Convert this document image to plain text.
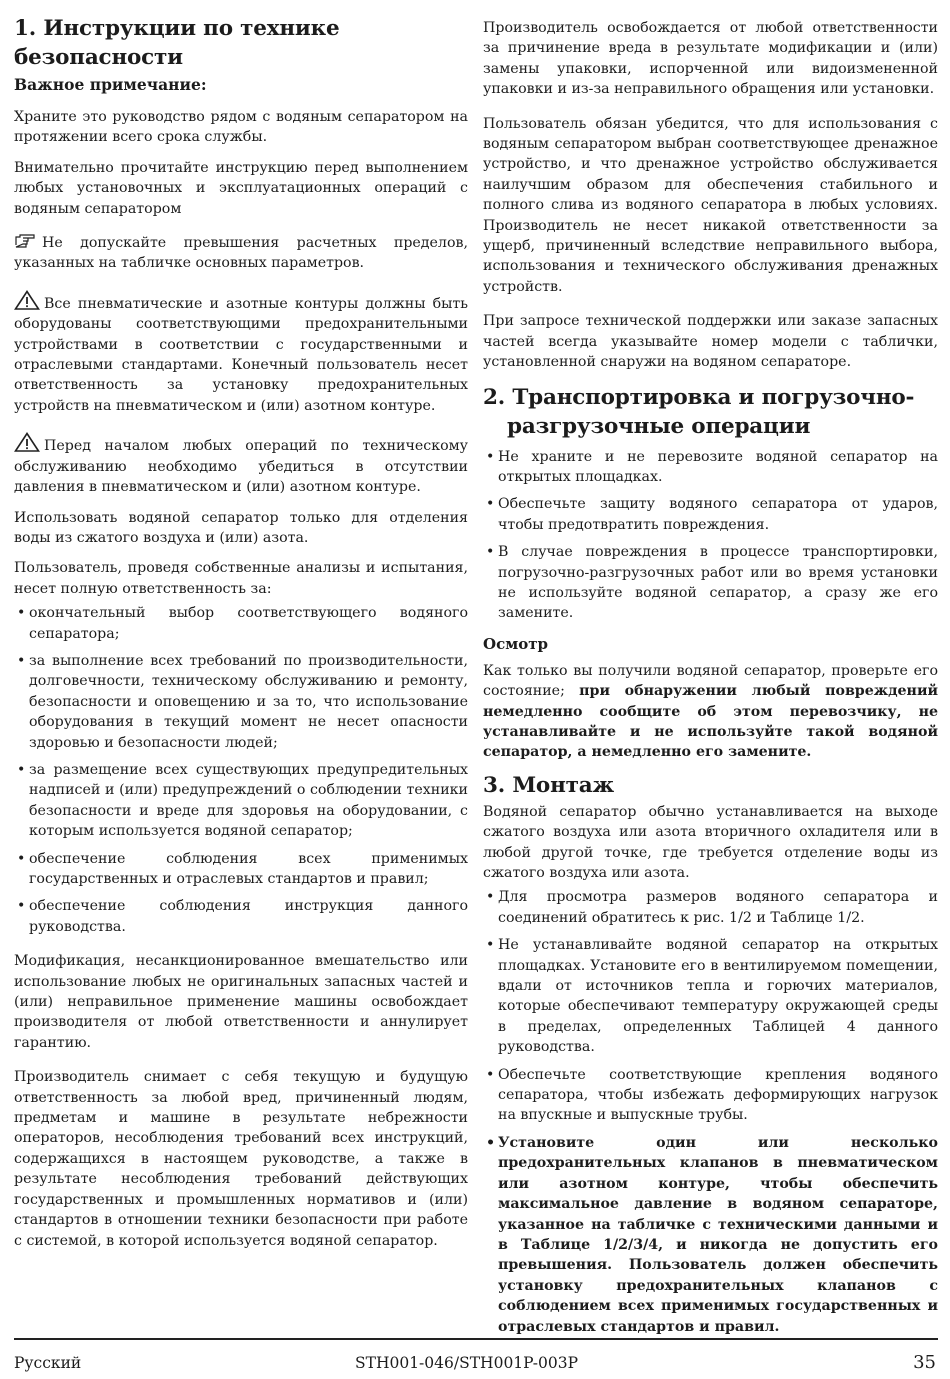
1. Инструкции по технике безопасности
Важное примечание:

Храните это руководство рядом с водяным сепаратором на протяжении всего срока службы.

Внимательно прочитайте инструкцию перед выполнением любых установочных и эксплуатационных операций с водяным сепаратором

Не допускайте превышения расчетных пределов, указанных на табличке основных параметров.

Все пневматические и азотные контуры должны быть оборудованы соответствующими предохранительными устройствами в соответствии с государственными и отраслевыми стандартами. Конечный пользователь несет ответственность за установку предохранительных устройств на пневматическом и (или) азотном контуре.

Перед началом любых операций по техническому обслуживанию необходимо убедиться в отсутствии давления в пневматическом и (или) азотном контуре.

Использовать водяной сепаратор только для отделения воды из сжатого воздуха и (или) азота.

Пользователь, проведя собственные анализы и испытания, несет полную ответственность за:

• окончательный выбор соответствующего водяного сепаратора;
• за выполнение всех требований по производительности, долговечности, техническому обслуживанию и ремонту, безопасности и оповещению и за то, что использование оборудования в текущий момент не несет опасности здоровью и безопасности людей;
• за размещение всех существующих предупредительных надписей и (или) предупреждений о соблюдении техники безопасности и вреде для здоровья на оборудовании, с которым используется водяной сепаратор;
• обеспечение соблюдения всех применимых государственных и отраслевых стандартов и правил;
• обеспечение соблюдения инструкция данного руководства.

Модификация, несанкционированное вмешательство или использование любых не оригинальных запасных частей и (или) неправильное применение машины освобождает производителя от любой ответственности и аннулирует гарантию.

Производитель снимает с себя текущую и будущую ответственность за любой вред, причиненный людям, предметам и машине в результате небрежности операторов, несоблюдения требований всех инструкций, содержащихся в настоящем руководстве, а также в результате несоблюдения требований действующих государственных и промышленных нормативов и (или) стандартов в отношении техники безопасности при работе с системой, в которой используется водяной сепаратор.

Производитель освобождается от любой ответственности за причинение вреда в результате модификации и (или) замены упаковки, испорченной или видоизмененной упаковки и из-за неправильного обращения или установки.

Пользователь обязан убедится, что для использования с водяным сепаратором выбран соответствующее дренажное устройство, и что дренажное устройство обслуживается наилучшим образом для обеспечения стабильного и полного слива из водяного сепаратора в любых условиях. Производитель не несет никакой ответственности за ущерб, причиненный вследствие неправильного выбора, использования и технического обслуживания дренажных устройств.

При запросе технической поддержки или заказе запасных частей всегда указывайте номер модели с таблички, установленной снаружи на водяном сепараторе.

2. Транспортировка и погрузочно-
разгрузочные операции
• Не храните и не перевозите водяной сепаратор на открытых площадках.
• Обеспечьте защиту водяного сепаратора от ударов, чтобы предотвратить повреждения.
• В случае повреждения в процессе транспортировки, погрузочно-разгрузочных работ или во время установки не используйте водяной сепаратор, а сразу же его замените.
Осмотр

Как только вы получили водяной сепаратор, проверьте его состояние; при обнаружении любый повреждений немедленно сообщите об этом перевозчику, не устанавливайте и не используйте такой водяной сепаратор, а немедленно его замените.

3. Монтаж

Водяной сепаратор обычно устанавливается на выходе сжатого воздуха или азота вторичного охладителя или в любой другой точке, где требуется отделение воды из сжатого воздуха или азота.

• Для просмотра размеров водяного сепаратора и соединений обратитесь к рис. 1/2 и Таблице 1/2.
• Не устанавливайте водяной сепаратор на открытых площадках. Установите его в вентилируемом помещении, вдали от источников тепла и горючих материалов, которые обеспечивают температуру окружающей среды в пределах, определенных Таблицей 4 данного руководства.
• Обеспечьте соответствующие крепления водяного сепаратора, чтобы избежать деформирующих нагрузок на впускные и выпускные трубы.
• Установите один или несколько предохранительных клапанов в пневматическом или азотном контуре, чтобы обеспечить максимальное давление в водяном сепараторе, указанное на табличке с техническими данными и в Таблице 1/2/3/4, и никогда не допустить его превышения. Пользователь должен обеспечить установку предохранительных клапанов с соблюдением всех применимых государственных и отраслевых стандартов и правил.
Русский	STH001-046/STH001P-003P	35
